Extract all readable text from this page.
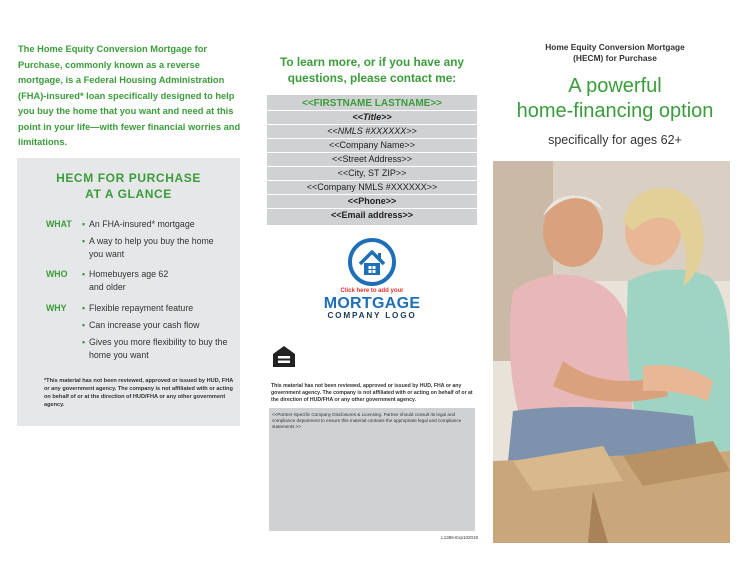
The Home Equity Conversion Mortgage for Purchase, commonly known as a reverse mortgage, is a Federal Housing Administration (FHA)-insured* loan specifically designed to help you buy the home that you want and need at this point in your life—with fewer financial worries and limitations.
HECM FOR PURCHASE
AT A GLANCE
WHAT • An FHA-insured* mortgage
• A way to help you buy the home you want
WHO • Homebuyers age 62 and older
WHY • Flexible repayment feature
• Can increase your cash flow
• Gives you more flexibility to buy the home you want
*This material has not been reviewed, approved or issued by HUD, FHA or any government agency. The company is not affiliated with or acting on behalf of or at the direction of HUD/FHA or any other government agency.
To learn more, or if you have any questions, please contact me:
<<FIRSTNAME LASTNAME>>
<<Title>>
<<NMLS #XXXXXX>>
<<Company Name>>
<<Street Address>>
<<City, ST ZIP>>
<<Company NMLS #XXXXXX>>
<<Phone>>
<<Email address>>
Click here to add your
MORTGAGE
COMPANY LOGO
This material has not been reviewed, approved or issued by HUD, FHA or any government agency. The company is not affiliated with or acting on behalf of or at the direction of HUD/FHA or any other government agency.
<<Partner-Specific Company Disclosures & Licensing. Partner should consult its legal and compliance department to ensure this material contains the appropriate legal and compliance statements.>>
L1386-Exp102018
Home Equity Conversion Mortgage
(HECM) for Purchase
A powerful
home-financing option
specifically for ages 62+
